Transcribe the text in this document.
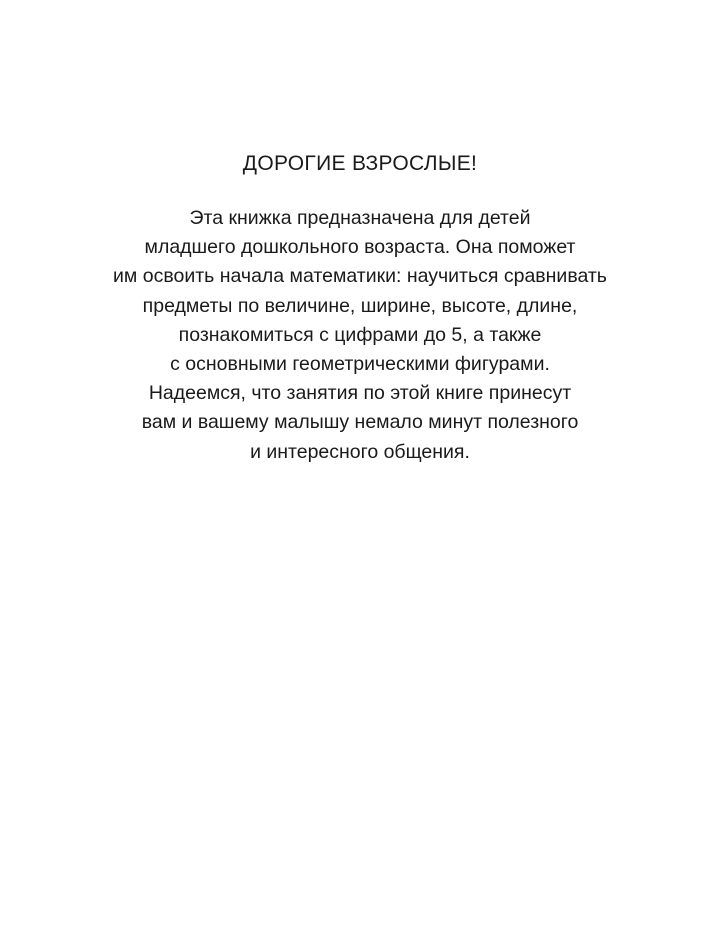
ДОРОГИЕ ВЗРОСЛЫЕ!
Эта книжка предназначена для детей
младшего дошкольного возраста. Она поможет
им освоить начала математики: научиться сравнивать
предметы по величине, ширине, высоте, длине,
познакомиться с цифрами до 5, а также
с основными геометрическими фигурами.
Надеемся, что занятия по этой книге принесут
вам и вашему малышу немало минут полезного
и интересного общения.
